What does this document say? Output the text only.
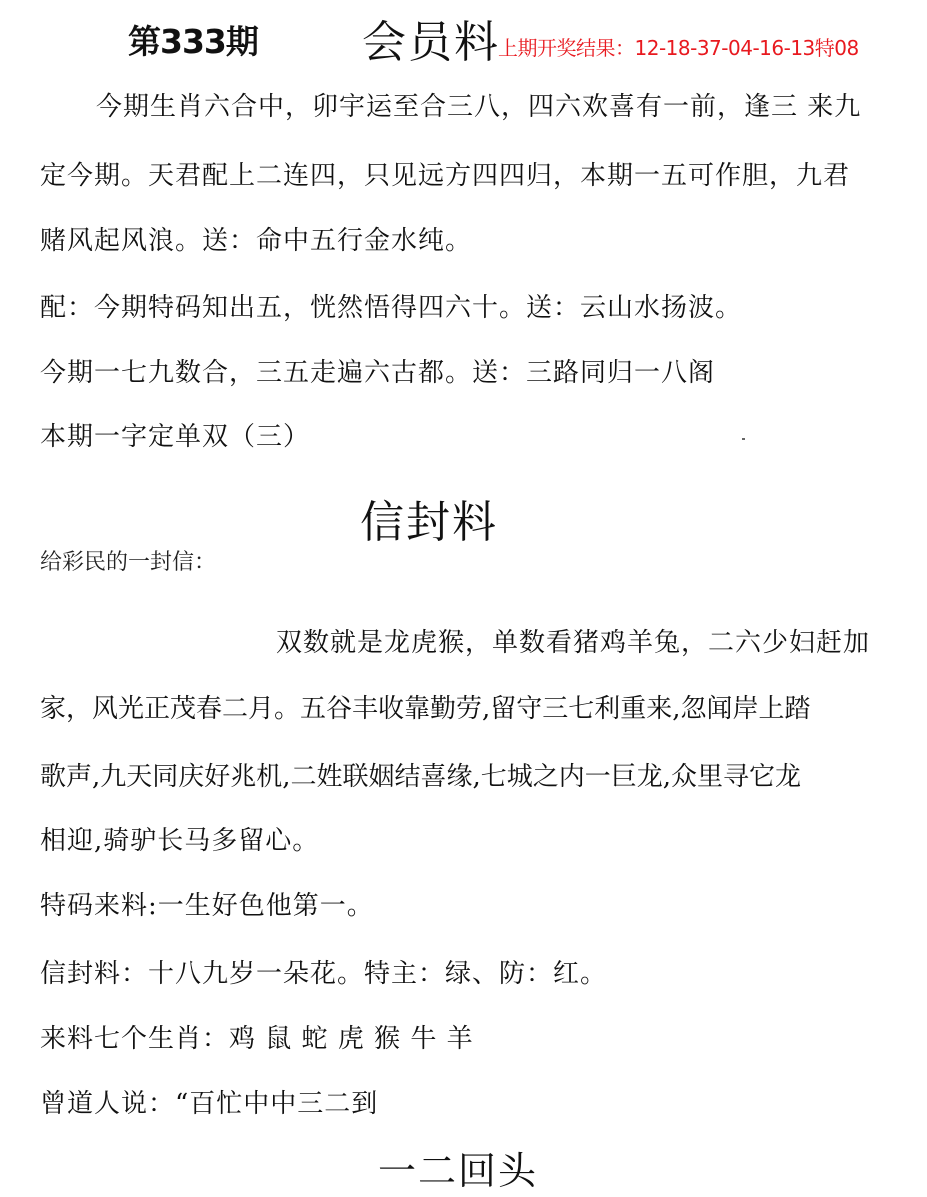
第333期 会员料
上期开奖结果：12-18-37-04-16-13特08
今期生肖六合中，卯宇运至合三八，四六欢喜有一前，逢三 来九
定今期。天君配上二连四，只见远方四四归，本期一五可作胆，九君
赌风起风浪。送：命中五行金水纯。
配：今期特码知出五，恍然悟得四六十。送：云山水扬波。
今期一七九数合，三五走遍六古都。送：三路同归一八阁
本期一字定单双（三）
信封料
给彩民的一封信：
双数就是龙虎猴，单数看猪鸡羊兔，二六少妇赶加
家，风光正茂春二月。五谷丰收靠勤劳,留守三七利重来,忽闻岸上踏
歌声,九天同庆好兆机,二姓联姻结喜缘,七城之内一巨龙,众里寻它龙
相迎,骑驴长马多留心。
特码来料:一生好色他第一。
信封料：十八九岁一朵花。特主：绿、防：红。
来料七个生肖：鸡 鼠 蛇 虎 猴 牛 羊
曾道人说：“百忙中中三二到
一二回头
